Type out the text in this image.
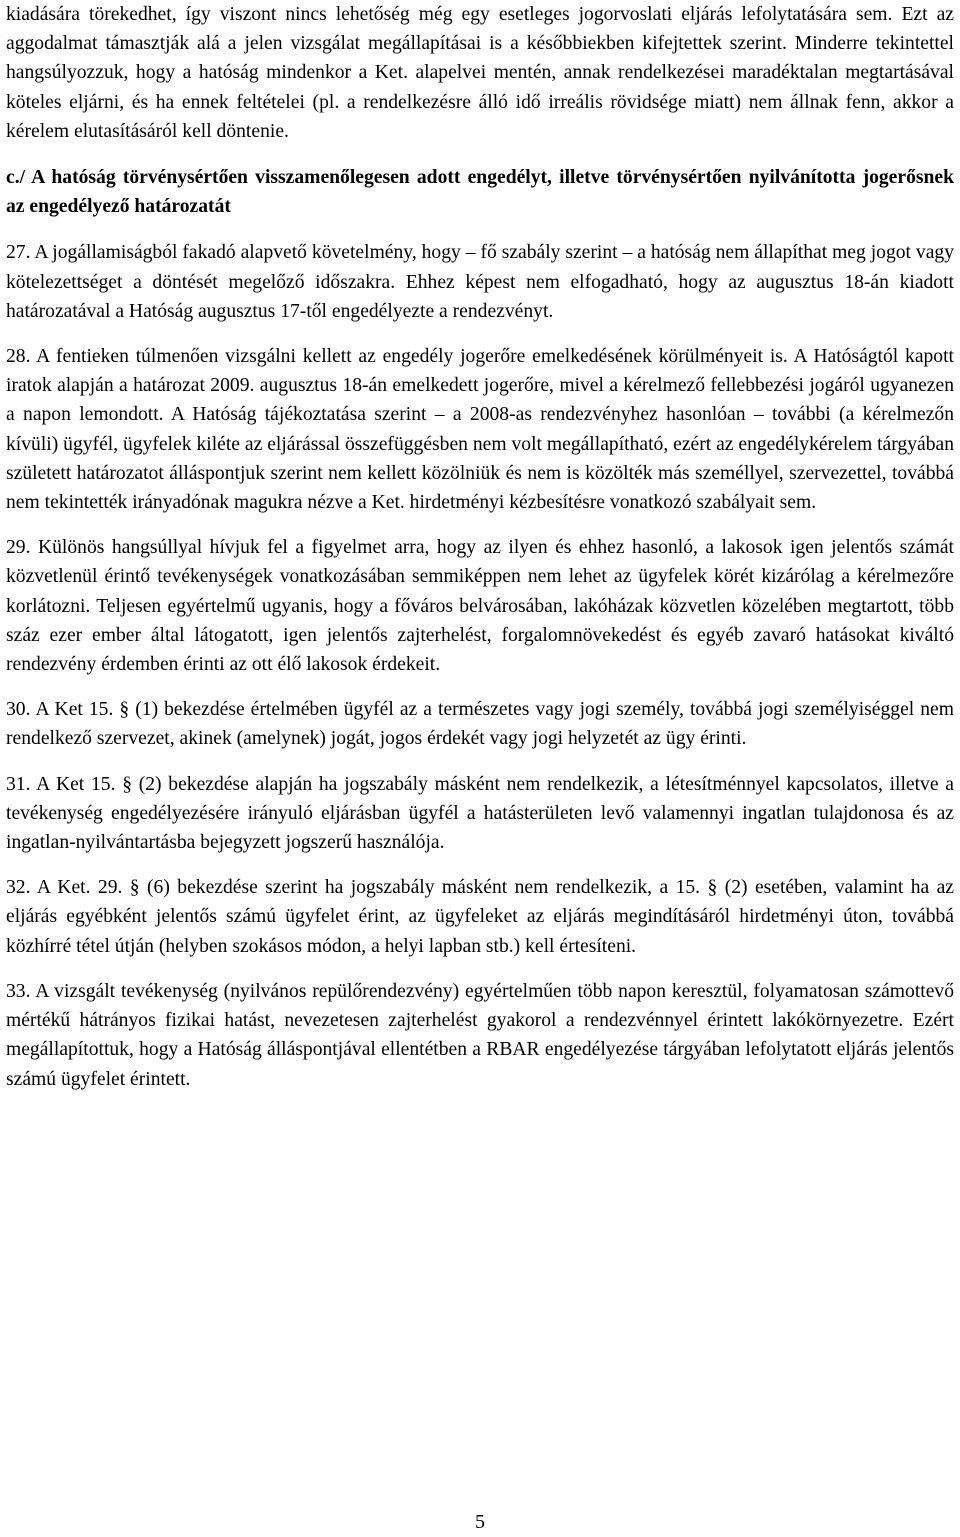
kiadására törekedhet, így viszont nincs lehetőség még egy esetleges jogorvoslati eljárás lefolytatására sem. Ezt az aggodalmat támasztják alá a jelen vizsgálat megállapításai is a későbbiekben kifejtettek szerint. Minderre tekintettel hangsúlyozzuk, hogy a hatóság mindenkor a Ket. alapelvei mentén, annak rendelkezései maradéktalan megtartásával köteles eljárni, és ha ennek feltételei (pl. a rendelkezésre álló idő irreális rövidsége miatt) nem állnak fenn, akkor a kérelem elutasításáról kell döntenie.

c./ A hatóság törvénysértően visszamenőlegesen adott engedélyt, illetve törvénysértően nyilvánította jogerősnek az engedélyező határozatát

27. A jogállamiságból fakadó alapvető követelmény, hogy – fő szabály szerint – a hatóság nem állapíthat meg jogot vagy kötelezettséget a döntését megelőző időszakra. Ehhez képest nem elfogadható, hogy az augusztus 18-án kiadott határozatával a Hatóság augusztus 17-től engedélyezte a rendezvényt.

28. A fentieken túlmenően vizsgálni kellett az engedély jogerőre emelkedésének körülményeit is. A Hatóságtól kapott iratok alapján a határozat 2009. augusztus 18-án emelkedett jogerőre, mivel a kérelmező fellebbezési jogáról ugyanezen a napon lemondott. A Hatóság tájékoztatása szerint – a 2008-as rendezvényhez hasonlóan – további (a kérelmezőn kívüli) ügyfél, ügyfelek kiléte az eljárással összefüggésben nem volt megállapítható, ezért az engedélykérelem tárgyában született határozatot álláspontjuk szerint nem kellett közölniük és nem is közölték más személlyel, szervezettel, továbbá nem tekintették irányadónak magukra nézve a Ket. hirdetményi kézbesítésre vonatkozó szabályait sem.

29. Különös hangsúllyal hívjuk fel a figyelmet arra, hogy az ilyen és ehhez hasonló, a lakosok igen jelentős számát közvetlenül érintő tevékenységek vonatkozásában semmiképpen nem lehet az ügyfelek körét kizárólag a kérelmezőre korlátozni. Teljesen egyértelmű ugyanis, hogy a főváros belvárosában, lakóházak közvetlen közelében megtartott, több száz ezer ember által látogatott, igen jelentős zajterhelést, forgalomnövekedést és egyéb zavaró hatásokat kiváltó rendezvény érdemben érinti az ott élő lakosok érdekeit.

30. A Ket 15. § (1) bekezdése értelmében ügyfél az a természetes vagy jogi személy, továbbá jogi személyiséggel nem rendelkező szervezet, akinek (amelynek) jogát, jogos érdekét vagy jogi helyzetét az ügy érinti.

31. A Ket 15. § (2) bekezdése alapján ha jogszabály másként nem rendelkezik, a létesítménnyel kapcsolatos, illetve a tevékenység engedélyezésére irányuló eljárásban ügyfél a hatásterületen levő valamennyi ingatlan tulajdonosa és az ingatlan-nyilvántartásba bejegyzett jogszerű használója.

32. A Ket. 29. § (6) bekezdése szerint ha jogszabály másként nem rendelkezik, a 15. § (2) esetében, valamint ha az eljárás egyébként jelentős számú ügyfelet érint, az ügyfeleket az eljárás megindításáról hirdetményi úton, továbbá közhírré tétel útján (helyben szokásos módon, a helyi lapban stb.) kell értesíteni.

33. A vizsgált tevékenység (nyilvános repülőrendezvény) egyértelműen több napon keresztül, folyamatosan számottevő mértékű hátrányos fizikai hatást, nevezetesen zajterhelést gyakorol a rendezvénnyel érintett lakókörnyezetre. Ezért megállapítottuk, hogy a Hatóság álláspontjával ellentétben a RBAR engedélyezése tárgyában lefolytatott eljárás jelentős számú ügyfelet érintett.

5
